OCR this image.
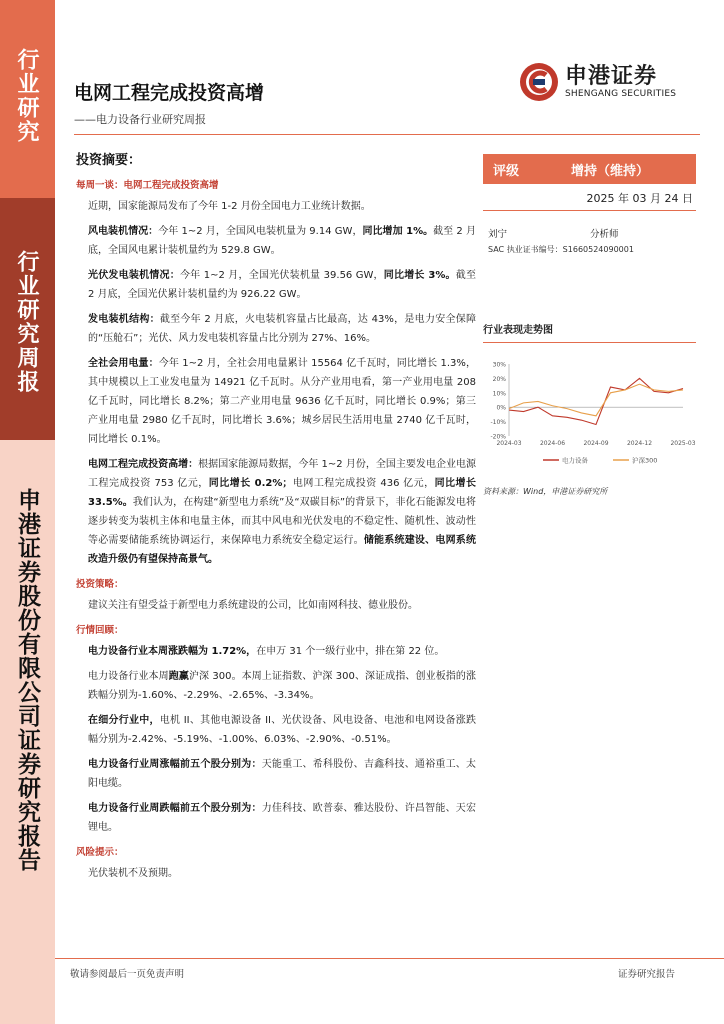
行业研究
行业研究周报
申港证券股份有限公司证券研究报告
电网工程完成投资高增
——电力设备行业研究周报
申港证券
SHENGANG SECURITIES
投资摘要：
每周一谈：电网工程完成投资高增

近期，国家能源局发布了今年 1-2 月份全国电力工业统计数据。

风电装机情况：今年 1~2 月，全国风电装机量为 9.14 GW，同比增加 1%。截至 2 月底，全国风电累计装机量约为 529.8 GW。

光伏发电装机情况：今年 1~2 月，全国光伏装机量 39.56 GW，同比增长 3%。截至 2 月底，全国光伏累计装机量约为 926.22 GW。

发电装机结构：截至今年 2 月底，火电装机容量占比最高，达 43%，是电力安全保障的“压舱石”；光伏、风力发电装机容量占比分别为 27%、16%。

全社会用电量：今年 1~2 月，全社会用电量累计 15564 亿千瓦时，同比增长 1.3%，其中规模以上工业发电量为 14921 亿千瓦时。从分产业用电看，第一产业用电量 208 亿千瓦时，同比增长 8.2%；第二产业用电量 9636 亿千瓦时，同比增长 0.9%；第三产业用电量 2980 亿千瓦时，同比增长 3.6%；城乡居民生活用电量 2740 亿千瓦时，同比增长 0.1%。

电网工程完成投资高增：根据国家能源局数据，今年 1~2 月份，全国主要发电企业电源工程完成投资 753 亿元，同比增长 0.2%；电网工程完成投资 436 亿元，同比增长 33.5%。我们认为，在构建“新型电力系统”及“双碳目标”的背景下，非化石能源发电将逐步转变为装机主体和电量主体，而其中风电和光伏发电的不稳定性、随机性、波动性等必需要储能系统协调运行，来保障电力系统安全稳定运行。储能系统建设、电网系统改造升级仍有望保持高景气。

投资策略：

建议关注有望受益于新型电力系统建设的公司，比如南网科技、德业股份。

行情回顾：

电力设备行业本周涨跌幅为 1.72%，在申万 31 个一级行业中，排在第 22 位。

电力设备行业本周跑赢沪深 300。本周上证指数、沪深 300、深证成指、创业板指的涨跌幅分别为-1.60%、-2.29%、-2.65%、-3.34%。

在细分行业中，电机 II、其他电源设备 II、光伏设备、风电设备、电池和电网设备涨跌幅分别为-2.42%、-5.19%、-1.00%、6.03%、-2.90%、-0.51%。

电力设备行业周涨幅前五个股分别为：天能重工、希科股份、吉鑫科技、通裕重工、太阳电缆。

电力设备行业周跌幅前五个股分别为：力佳科技、欧普泰、雅达股份、许昌智能、天宏锂电。

风险提示：

光伏装机不及预期。

评级	增持（维持）
2025 年 03 月 24 日
刘宁	分析师
SAC 执业证书编号：S1660524090001
行业表现走势图
30%
20%
10%
0%
-10%
-20%
2024-03	2024-06	2024-09	2024-12	2025-03
电力设备	沪深300
资料来源：Wind，申港证券研究所
敬请参阅最后一页免责声明	证券研究报告
